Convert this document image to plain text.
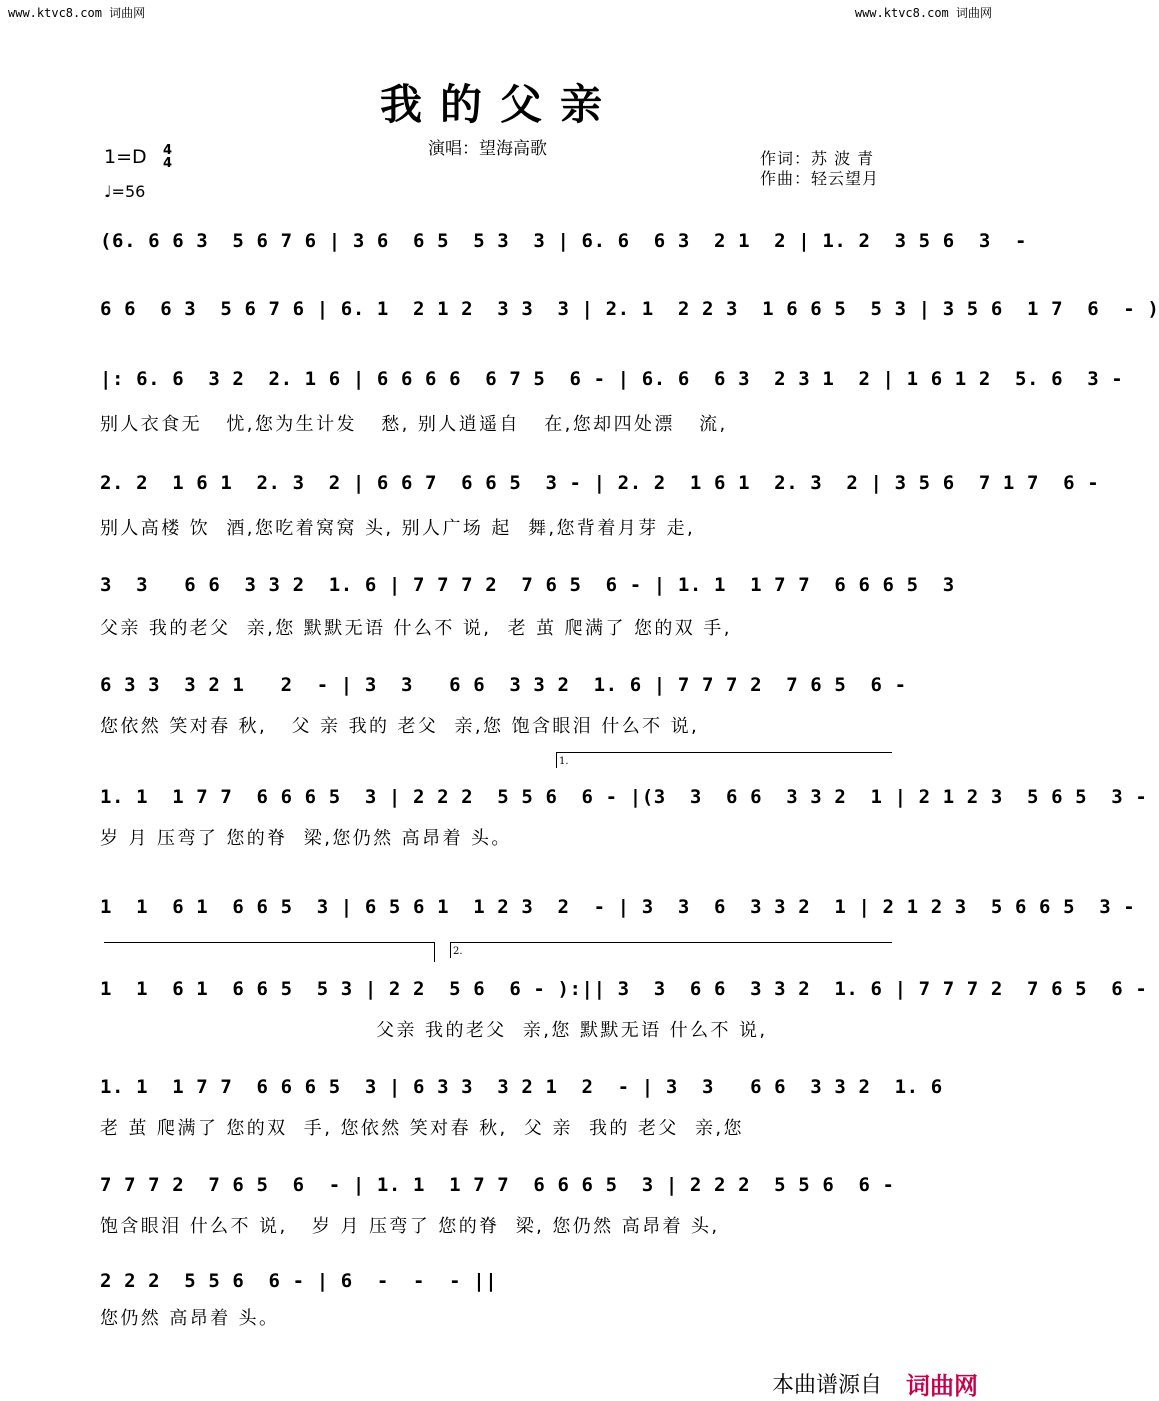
www.ktvc8.com 词曲网	www.ktvc8.com 词曲网
我的父亲
演唱：望海高歌
1=D 4
4
♩=56
作词：苏 波 青
作曲：轻云望月
(6. 6 6 3  5 6 7 6 | 3 6  6 5  5 3  3 | 6. 6  6 3  2 1  2 | 1. 2  3 5 6  3  -
6 6  6 3  5 6 7 6 | 6. 1  2 1 2  3 3  3 | 2. 1  2 2 3  1 6 6 5  5 3 | 3 5 6  1 7  6  - )
|: 6. 6  3 2  2. 1 6 | 6 6 6 6  6 7 5  6 - | 6. 6  6 3  2 3 1  2 | 1 6 1 2  5. 6  3 -
别人衣食无   忧,您为生计发   愁, 别人逍遥自   在,您却四处漂   流,
2. 2  1 6 1  2. 3  2 | 6 6 7  6 6 5  3 - | 2. 2  1 6 1  2. 3  2 | 3 5 6  7 1 7  6 -
别人高楼 饮  酒,您吃着窝窝 头, 别人广场 起  舞,您背着月芽 走,
3  3   6 6  3 3 2  1. 6 | 7 7 7 2  7 6 5  6 - | 1. 1  1 7 7  6 6 6 5  3
父亲 我的老父  亲,您 默默无语 什么不 说,  老 茧 爬满了 您的双 手,
6 3 3  3 2 1   2  - | 3  3   6 6  3 3 2  1. 6 | 7 7 7 2  7 6 5  6 -
您依然 笑对春 秋,   父 亲 我的 老父  亲,您 饱含眼泪 什么不 说,
1.
1. 1  1 7 7  6 6 6 5  3 | 2 2 2  5 5 6  6 - |(3  3  6 6  3 3 2  1 | 2 1 2 3  5 6 5  3 -
岁 月 压弯了 您的脊  梁,您仍然 高昂着 头。
1  1  6 1  6 6 5  3 | 6 5 6 1  1 2 3  2  - | 3  3  6  3 3 2  1 | 2 1 2 3  5 6 6 5  3 -
2.
1  1  6 1  6 6 5  5 3 | 2 2  5 6  6 - ):|| 3  3  6 6  3 3 2  1. 6 | 7 7 7 2  7 6 5  6 -
父亲 我的老父  亲,您 默默无语 什么不 说,
1. 1  1 7 7  6 6 6 5  3 | 6 3 3  3 2 1  2  - | 3  3   6 6  3 3 2  1. 6
老 茧 爬满了 您的双  手, 您依然 笑对春 秋,  父 亲  我的 老父  亲,您
7 7 7 2  7 6 5  6  - | 1. 1  1 7 7  6 6 6 5  3 | 2 2 2  5 5 6  6 -
饱含眼泪 什么不 说,   岁 月 压弯了 您的脊  梁, 您仍然 高昂着 头,
2 2 2  5 5 6  6 - | 6  -  -  - ||
您仍然 高昂着 头。
本曲谱源自 词曲网
